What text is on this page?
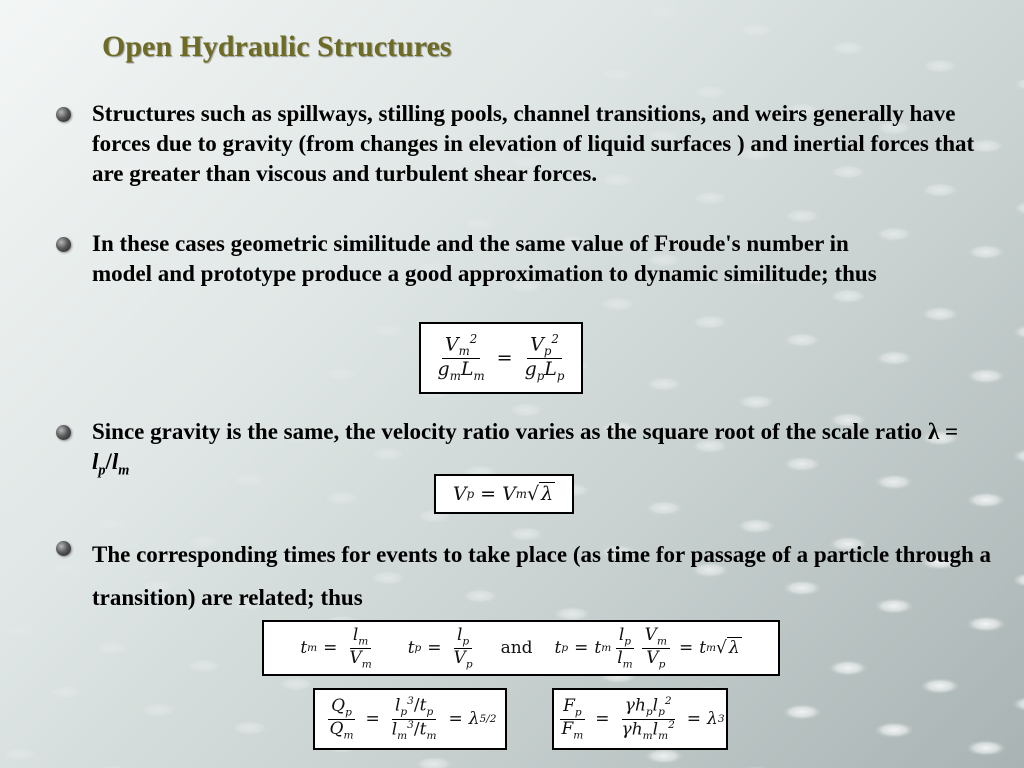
Open Hydraulic Structures
Structures such as spillways, stilling pools, channel transitions, and weirs generally have forces due to gravity (from changes in elevation of liquid surfaces ) and inertial forces that are greater than viscous and turbulent shear forces.
In these cases geometric similitude and the same value of Froude's number in model and prototype produce a good approximation to dynamic similitude; thus
$\frac{V_m^2}{g_mL_m} = \frac{V_p^2}{g_pL_p}$
Since gravity is the same, the velocity ratio varies as the square root of the scale ratio $\lambda = l_p/l_m$
V p = V m √ λ
The corresponding times for events to take place (as time for passage of a particle through a transition) are related; thus
t $m = \frac{l_m}{V_m}$ t $p = \frac{l_p}{V_p}$ and t p = t m $\frac{l_p}{l_m} \frac{V_m}{V_p} = t$ m √ λ
$\frac{Q_p}{Q_m} = \frac{l_p^3/t_p}{l_m^3/t_m} = \lambda$ 5/2	$\frac{F_p}{F_m} = \frac{\gamma h_pl_p^2}{\gamma h_ml_m^2} = \lambda$ 3
